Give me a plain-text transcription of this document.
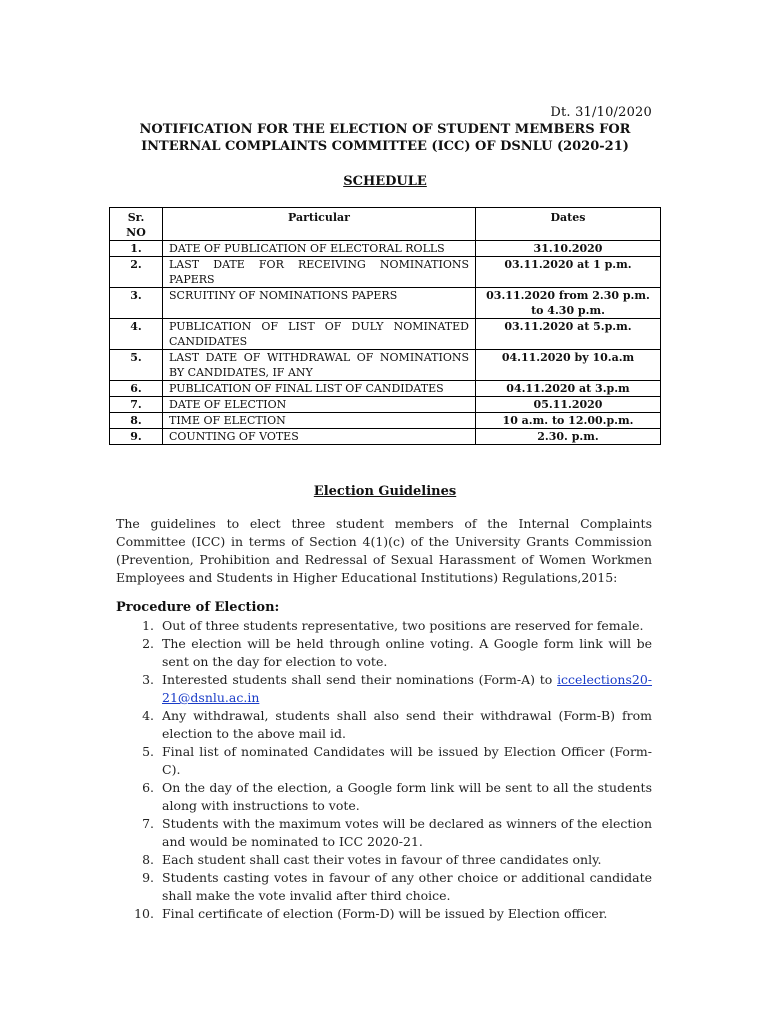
Dt. 31/10/2020
NOTIFICATION FOR THE ELECTION OF STUDENT MEMBERS FOR INTERNAL COMPLAINTS COMMITTEE (ICC) OF DSNLU (2020-21)
SCHEDULE
Sr. NO	Particular	Dates
1.	DATE OF PUBLICATION OF ELECTORAL ROLLS	31.10.2020
2.	LAST DATE FOR RECEIVING NOMINATIONS PAPERS	03.11.2020 at 1 p.m.
3.	SCRUITINY OF NOMINATIONS PAPERS	03.11.2020 from 2.30 p.m. to 4.30 p.m.
4.	PUBLICATION OF LIST OF DULY NOMINATED CANDIDATES	03.11.2020 at 5.p.m.
5.	LAST DATE OF WITHDRAWAL OF NOMINATIONS BY CANDIDATES, IF ANY	04.11.2020 by 10.a.m
6.	PUBLICATION OF FINAL LIST OF CANDIDATES	04.11.2020 at 3.p.m
7.	DATE OF ELECTION	05.11.2020
8.	TIME OF ELECTION	10 a.m. to 12.00.p.m.
9.	COUNTING OF VOTES	2.30. p.m.
Election Guidelines
The guidelines to elect three student members of the Internal Complaints Committee (ICC) in terms of Section 4(1)(c) of the University Grants Commission (Prevention, Prohibition and Redressal of Sexual Harassment of Women Workmen Employees and Students in Higher Educational Institutions) Regulations,2015:
Procedure of Election:
1. Out of three students representative, two positions are reserved for female.
2. The election will be held through online voting. A Google form link will be sent on the day for election to vote.
3. Interested students shall send their nominations (Form-A) to iccelections20-21@dsnlu.ac.in
4. Any withdrawal, students shall also send their withdrawal (Form-B) from election to the above mail id.
5. Final list of nominated Candidates will be issued by Election Officer (Form-C).
6. On the day of the election, a Google form link will be sent to all the students along with instructions to vote.
7. Students with the maximum votes will be declared as winners of the election and would be nominated to ICC 2020-21.
8. Each student shall cast their votes in favour of three candidates only.
9. Students casting votes in favour of any other choice or additional candidate shall make the vote invalid after third choice.
10. Final certificate of election (Form-D) will be issued by Election officer.
